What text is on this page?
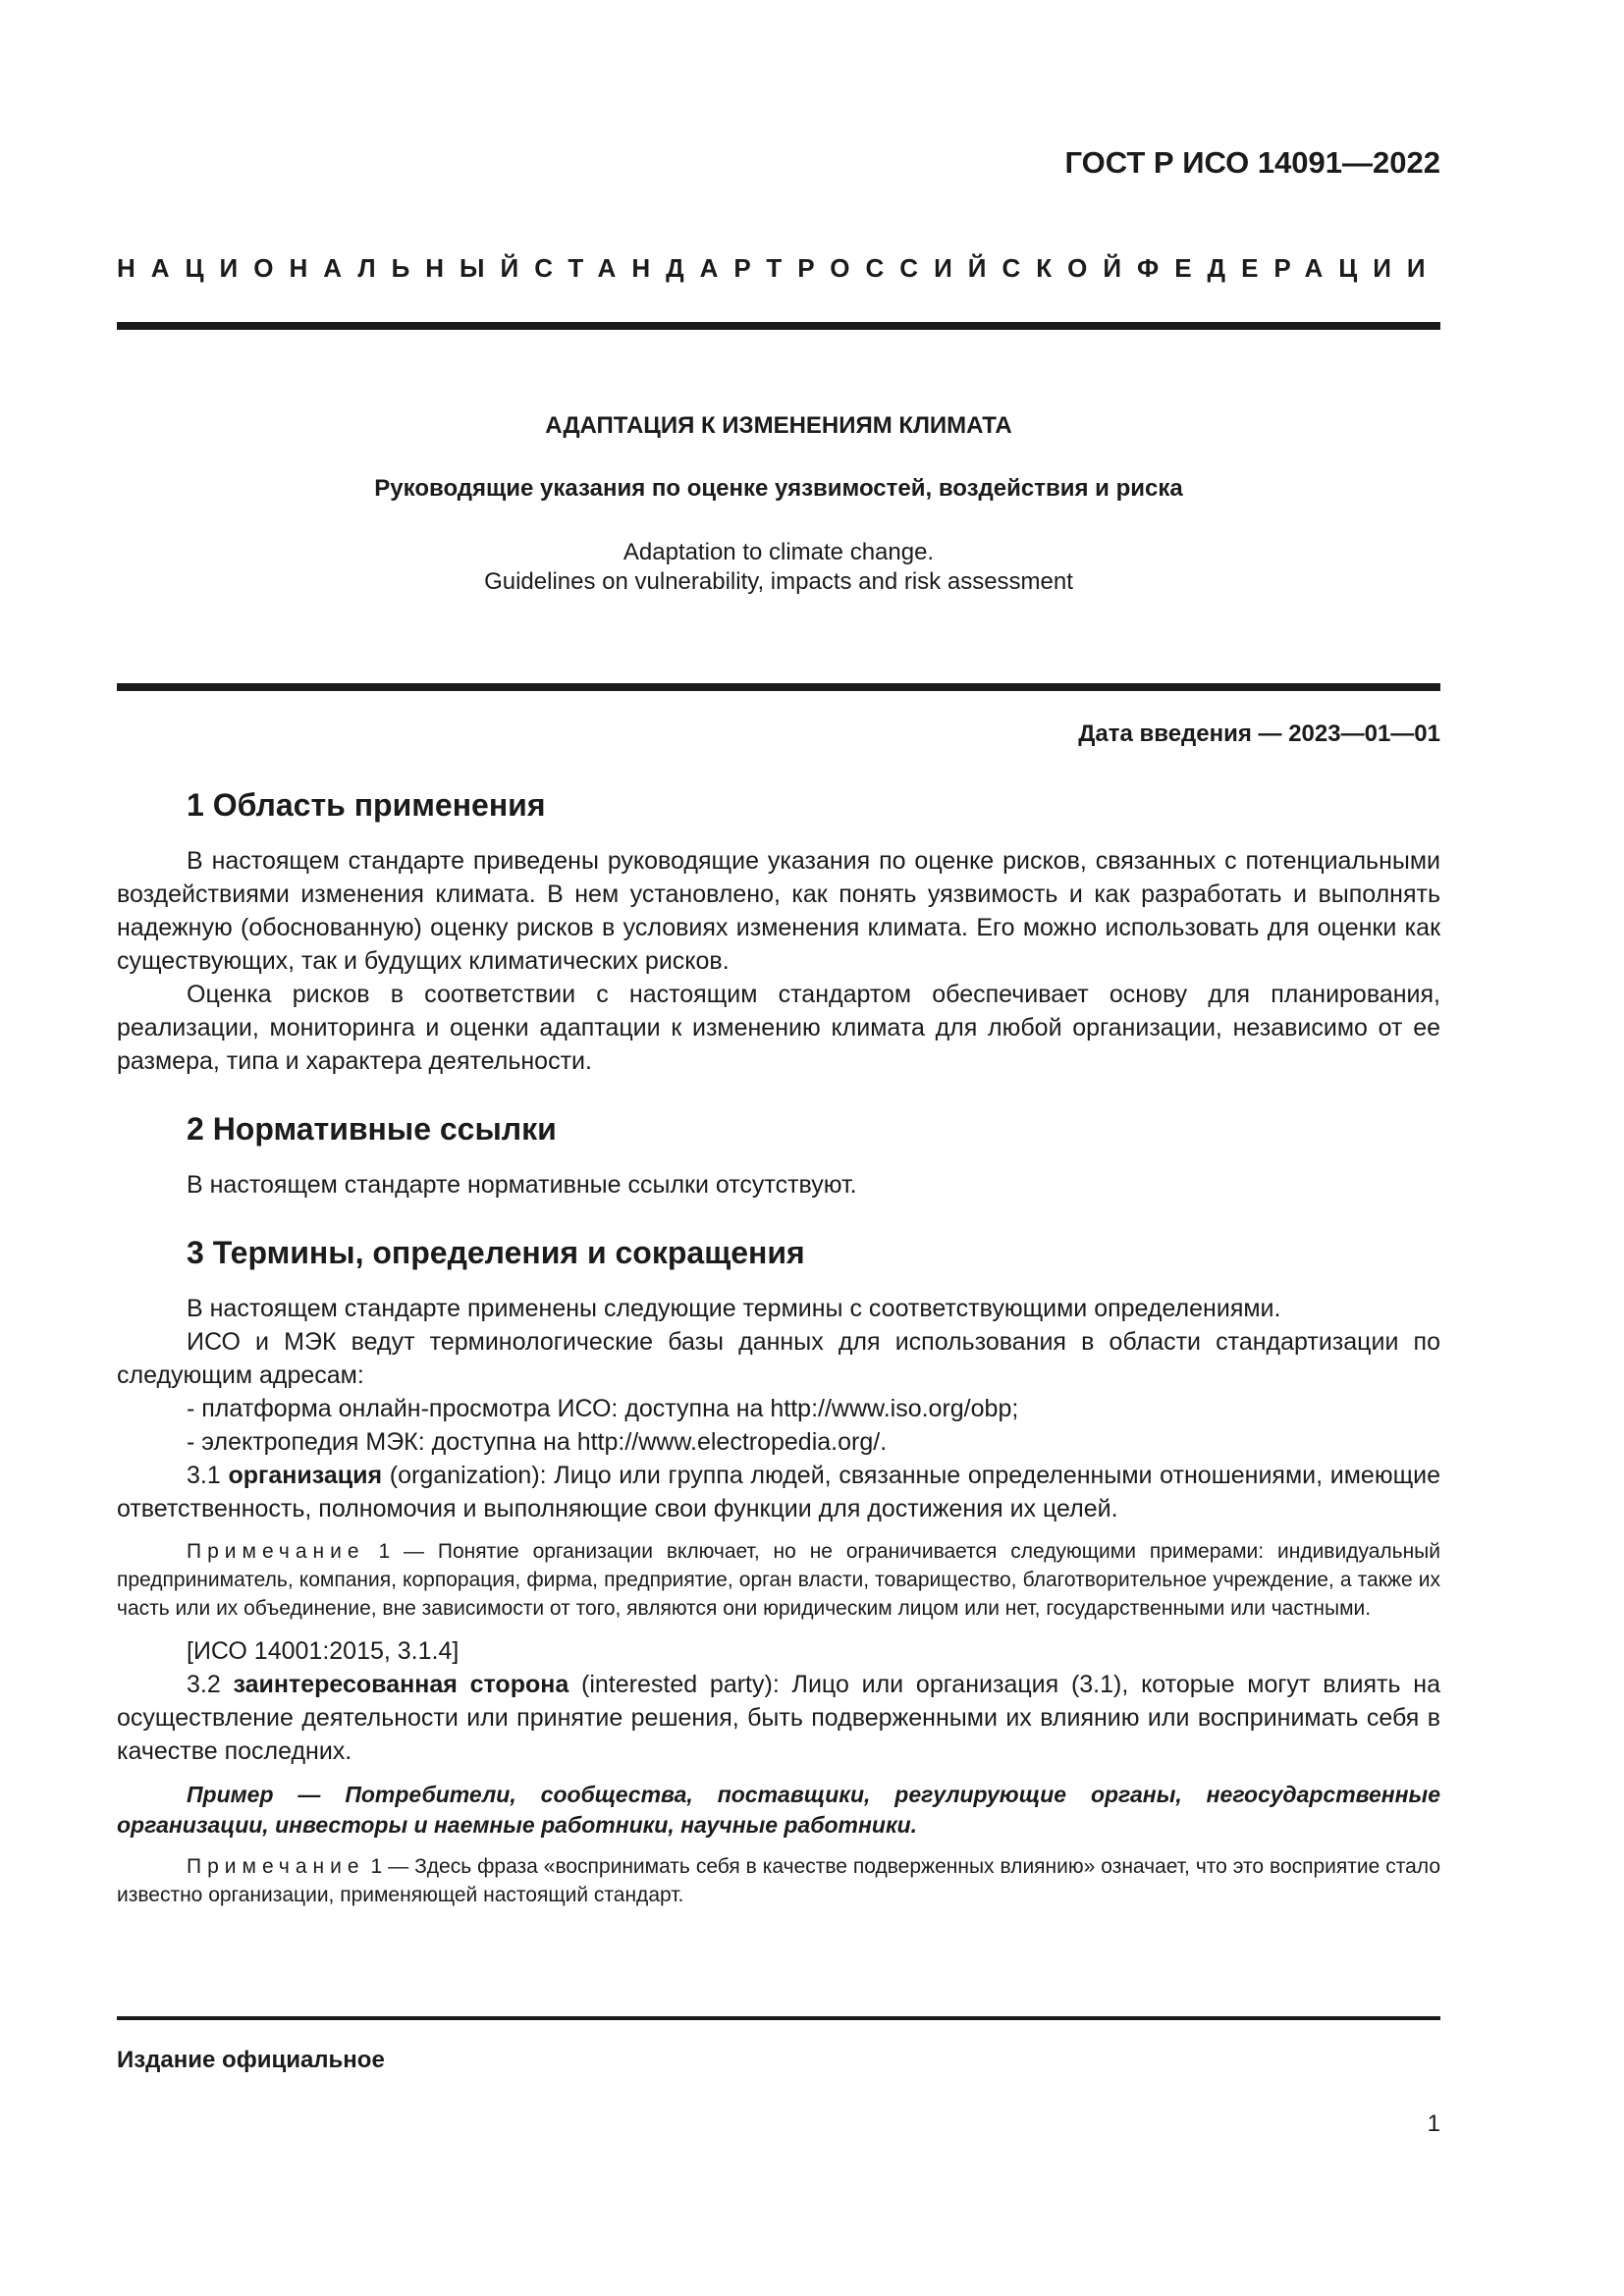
ГОСТ Р ИСО 14091—2022
НАЦИОНАЛЬНЫЙ СТАНДАРТ РОССИЙСКОЙ ФЕДЕРАЦИИ
АДАПТАЦИЯ К ИЗМЕНЕНИЯМ КЛИМАТА
Руководящие указания по оценке уязвимостей, воздействия и риска
Adaptation to climate change.
Guidelines on vulnerability, impacts and risk assessment
Дата введения — 2023—01—01
1 Область применения

В настоящем стандарте приведены руководящие указания по оценке рисков, связанных с потенциальными воздействиями изменения климата. В нем установлено, как понять уязвимость и как разработать и выполнять надежную (обоснованную) оценку рисков в условиях изменения климата. Его можно использовать для оценки как существующих, так и будущих климатических рисков.

Оценка рисков в соответствии с настоящим стандартом обеспечивает основу для планирования, реализации, мониторинга и оценки адаптации к изменению климата для любой организации, независимо от ее размера, типа и характера деятельности.

2 Нормативные ссылки

В настоящем стандарте нормативные ссылки отсутствуют.

3 Термины, определения и сокращения

В настоящем стандарте применены следующие термины с соответствующими определениями.

ИСО и МЭК ведут терминологические базы данных для использования в области стандартизации по следующим адресам:

- платформа онлайн-просмотра ИСО: доступна на http://www.iso.org/obp;

- электропедия МЭК: доступна на http://www.electropedia.org/.

3.1 организация (organization): Лицо или группа людей, связанные определенными отношениями, имеющие ответственность, полномочия и выполняющие свои функции для достижения их целей.

Примечание 1 — Понятие организации включает, но не ограничивается следующими примерами: индивидуальный предприниматель, компания, корпорация, фирма, предприятие, орган власти, товарищество, благотворительное учреждение, а также их часть или их объединение, вне зависимости от того, являются они юридическим лицом или нет, государственными или частными.

[ИСО 14001:2015, 3.1.4]

3.2 заинтересованная сторона (interested party): Лицо или организация (3.1), которые могут влиять на осуществление деятельности или принятие решения, быть подверженными их влиянию или воспринимать себя в качестве последних.

Пример — Потребители, сообщества, поставщики, регулирующие органы, негосударственные организации, инвесторы и наемные работники, научные работники.

Примечание 1 — Здесь фраза «воспринимать себя в качестве подверженных влиянию» означает, что это восприятие стало известно организации, применяющей настоящий стандарт.

Издание официальное
1
